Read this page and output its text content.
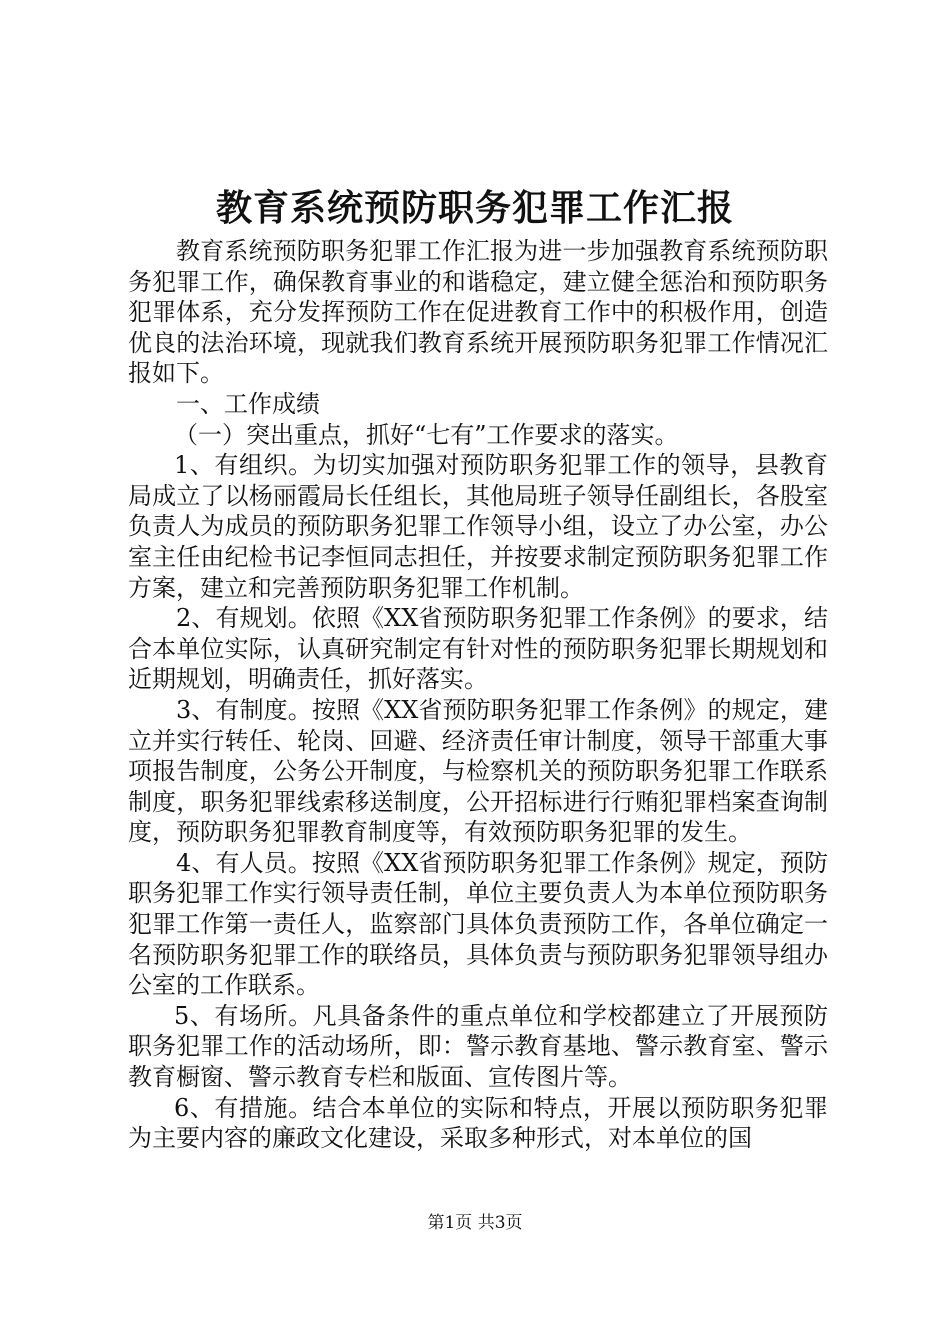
教育系统预防职务犯罪工作汇报

教育系统预防职务犯罪工作汇报为进一步加强教育系统预防职务犯罪工作，确保教育事业的和谐稳定，建立健全惩治和预防职务犯罪体系，充分发挥预防工作在促进教育工作中的积极作用，创造优良的法治环境，现就我们教育系统开展预防职务犯罪工作情况汇报如下。

一、工作成绩

（一）突出重点，抓好“七有”工作要求的落实。

1、有组织。为切实加强对预防职务犯罪工作的领导，县教育局成立了以杨丽霞局长任组长，其他局班子领导任副组长，各股室负责人为成员的预防职务犯罪工作领导小组，设立了办公室，办公室主任由纪检书记李恒同志担任，并按要求制定预防职务犯罪工作方案，建立和完善预防职务犯罪工作机制。

2、有规划。依照《XX省预防职务犯罪工作条例》的要求，结合本单位实际，认真研究制定有针对性的预防职务犯罪长期规划和近期规划，明确责任，抓好落实。

3、有制度。按照《XX省预防职务犯罪工作条例》的规定，建立并实行转任、轮岗、回避、经济责任审计制度，领导干部重大事项报告制度，公务公开制度，与检察机关的预防职务犯罪工作联系制度，职务犯罪线索移送制度，公开招标进行行贿犯罪档案查询制度，预防职务犯罪教育制度等，有效预防职务犯罪的发生。

4、有人员。按照《XX省预防职务犯罪工作条例》规定，预防职务犯罪工作实行领导责任制，单位主要负责人为本单位预防职务犯罪工作第一责任人，监察部门具体负责预防工作，各单位确定一名预防职务犯罪工作的联络员，具体负责与预防职务犯罪领导组办公室的工作联系。

5、有场所。凡具备条件的重点单位和学校都建立了开展预防职务犯罪工作的活动场所，即：警示教育基地、警示教育室、警示教育橱窗、警示教育专栏和版面、宣传图片等。

6、有措施。结合本单位的实际和特点，开展以预防职务犯罪为主要内容的廉政文化建设，采取多种形式，对本单位的国

第1页 共3页
